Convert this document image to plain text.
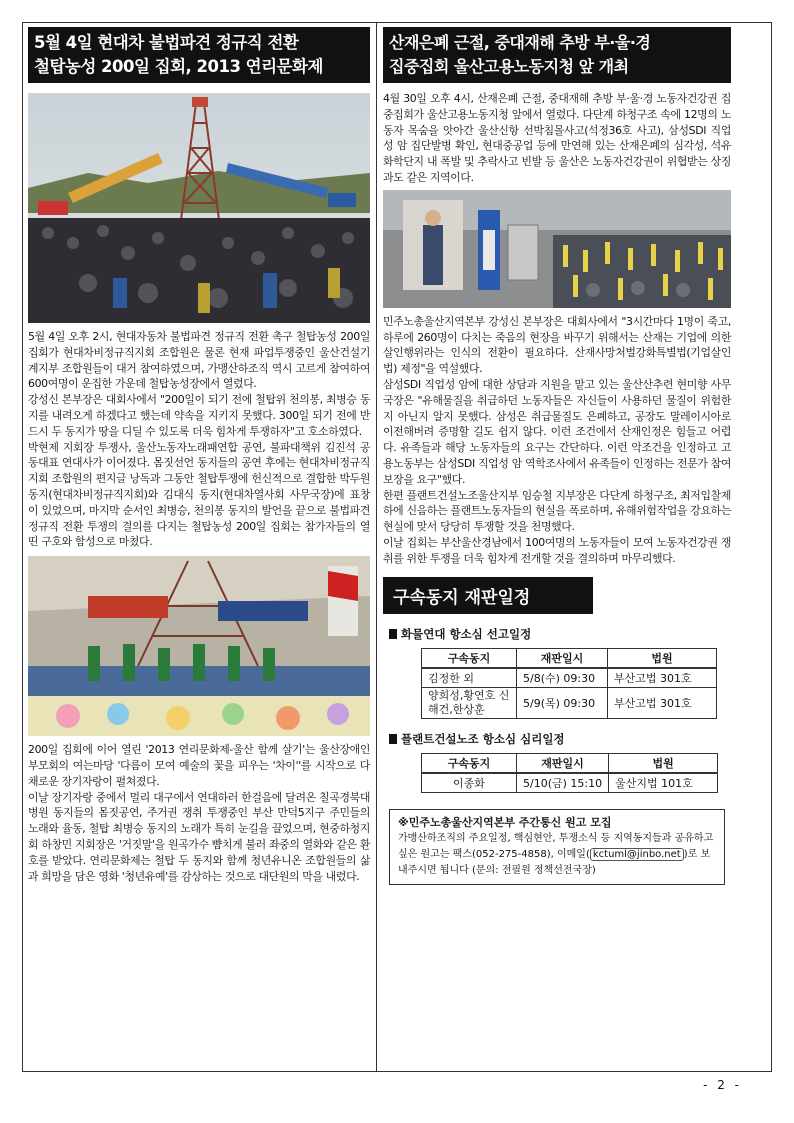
5월 4일 현대차 불법파견 정규직 전환
철탑농성 200일 집회, 2013 연리문화제

5월 4일 오후 2시, 현대자동차 불법파견 정규직 전환 촉구 철탑농성 200일 집회가 현대차비정규직지회 조합원은 물론 현재 파업투쟁중인 울산건설기계지부 조합원들이 대거 참여하였으며, 가맹산하조직 역시 고르게 참여하여 600여명이 운집한 가운데 철탑농성장에서 열렸다.

강성신 본부장은 대회사에서 "200일이 되기 전에 철탑위 천의봉, 최병승 동지를 내려오게 하겠다고 했는데 약속을 지키지 못했다. 300일 되기 전에 반드시 두 동지가 땅을 디딜 수 있도록 더욱 힘차게 투쟁하자"고 호소하였다.

박현제 지회장 투쟁사, 울산노동자노래패연합 공연, 불파대책위 김진석 공동대표 연대사가 이어졌다. 몸짓선언 동지들의 공연 후에는 현대차비정규직지회 조합원의 편지글 낭독과 그동안 철탑투쟁에 헌신적으로 결합한 박두원 동지(현대차비정규직지회)와 김대식 동지(현대차열사회 사무국장)에 표창이 있었으며, 마지막 순서인 최병승, 천의봉 동지의 발언을 끝으로 불법파견 정규직 전환 투쟁의 결의를 다지는 철탑농성 200일 집회는 참가자들의 열띤 구호와 함성으로 마쳤다.

200일 집회에 이어 열린 '2013 연리문화제-울산 함께 살기'는 울산장애인부모회의 여는마당 '다름이 모여 예술의 꽃을 피우는 '차이''를 시작으로 다채로운 장기자랑이 펼쳐졌다.

이날 장기자랑 중에서 멀리 대구에서 연대하러 한걸음에 달려온 칠곡경북대병원 동지들의 몸짓공연, 주거권 쟁취 투쟁중인 부산 만덕5지구 주민들의 노래와 율동, 철탑 최병승 동지의 노래가 특히 눈길을 끌었으며, 현중하청지회 하창민 지회장은 '거짓말'을 원곡가수 뺨치게 불러 좌중의 열화와 같은 환호를 받았다. 연리문화제는 철탑 두 동지와 함께 청년유니온 조합원들의 삶과 희망을 담은 영화 '청년유예'를 감상하는 것으로 대단원의 막을 내렸다.

산재은폐 근절, 중대재해 추방 부·울·경
집중집회 울산고용노동지청 앞 개최

4월 30일 오후 4시, 산재은폐 근절, 중대재해 추방 부·울·경 노동자건강권 집중집회가 울산고용노동지청 앞에서 열렸다. 다단계 하청구조 속에 12명의 노동자 목숨을 앗아간 울산신항 선박침몰사고(석정36호 사고), 삼성SDI 직업성 암 집단발병 확인, 현대중공업 등에 만연해 있는 산재은폐의 심각성, 석유화학단지 내 폭발 및 추락사고 빈발 등 울산은 노동자건강권이 위협받는 상징과도 같은 지역이다.

민주노총울산지역본부 강성신 본부장은 대회사에서 "3시간마다 1명이 죽고, 하루에 260명이 다치는 죽음의 현장을 바꾸기 위해서는 산재는 기업에 의한 살인행위라는 인식의 전환이 필요하다. 산재사망처벌강화특별법(기업살인법) 제정"을 역설했다.

삼성SDI 직업성 암에 대한 상담과 지원을 맡고 있는 울산산추련 현미향 사무국장은 "유해물질을 취급하던 노동자들은 자신들이 사용하던 물질이 위험한지 아닌지 알지 못했다. 삼성은 취급물질도 은폐하고, 공장도 말레이시아로 이전해버려 증명할 길도 쉽지 않다. 이런 조건에서 산재인정은 힘들고 어렵다. 유족들과 해당 노동자들의 요구는 간단하다. 이런 악조건을 인정하고 고용노동부는 삼성SDI 직업성 암 역학조사에서 유족들이 인정하는 전문가 참여 보장을 요구"했다.

한편 플랜트건설노조울산지부 임승철 지부장은 다단계 하청구조, 최저입찰제 하에 신음하는 플랜트노동자들의 현실을 폭로하며, 유해위험작업을 강요하는 현실에 맞서 당당히 투쟁할 것을 천명했다.

이날 집회는 부산울산경남에서 100여명의 노동자들이 모여 노동자건강권 쟁취를 위한 투쟁을 더욱 힘차게 전개할 것을 결의하며 마무리했다.

구속동지 재판일정
화물연대 항소심 선고일정
구속동지	재판일시	법원
김정한 외	5/8(수) 09:30	부산고법 301호
양희성,황연호 신해건,한상훈	5/9(목) 09:30	부산고법 301호
플랜트건설노조 항소심 심리일정
구속동지	재판일시	법원
이종화	5/10(금) 15:10	울산지법 101호
※민주노총울산지역본부 주간통신 원고 모집
가맹산하조직의 주요일정, 핵심현안, 투쟁소식 등 지역동지들과 공유하고 싶은 원고는 팩스(052-275-4858), 이메일( kctuml@jinbo.net )로 보내주시면 됩니다 (문의: 전필원 정책선전국장)
- 2 -
